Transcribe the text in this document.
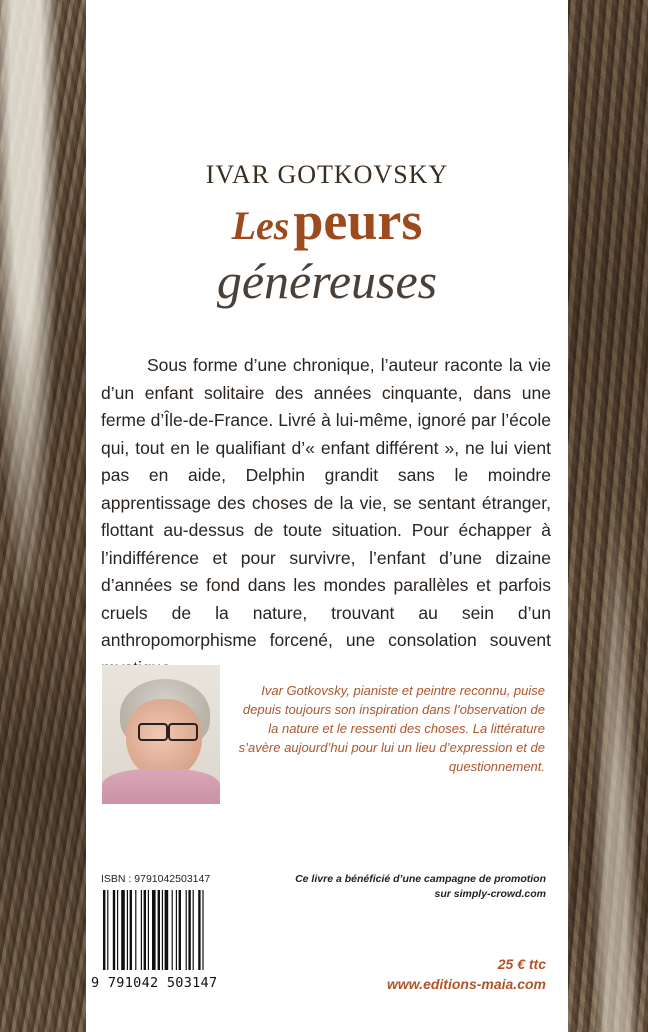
IVAR GOTKOVSKY
Lespeurs
généreuses

Sous forme d’une chronique, l’auteur raconte la vie d’un enfant solitaire des années cinquante, dans une ferme d’Île-de-France. Livré à lui-même, ignoré par l’école qui, tout en le qualifiant d’« enfant différent », ne lui vient pas en aide, Delphin grandit sans le moindre apprentissage des choses de la vie, se sentant étranger, flottant au-dessus de toute situation. Pour échapper à l’indifférence et pour survivre, l’enfant d’une dizaine d’années se fond dans les mondes parallèles et parfois cruels de la nature, trouvant au sein d’un anthropomorphisme forcené, une consolation souvent

Ivar Gotkovsky, pianiste et peintre reconnu, puise depuis toujours son inspiration dans l’observation de la nature et le ressenti des choses. La littérature s’avère aujourd’hui pour lui un lieu d’expression et de questionnement.

ISBN : 9791042503147
9 791042 503147
Ce livre a bénéficié d’une campagne de promotion
sur simply-crowd.com
25 € ttc
www.editions-maia.com
